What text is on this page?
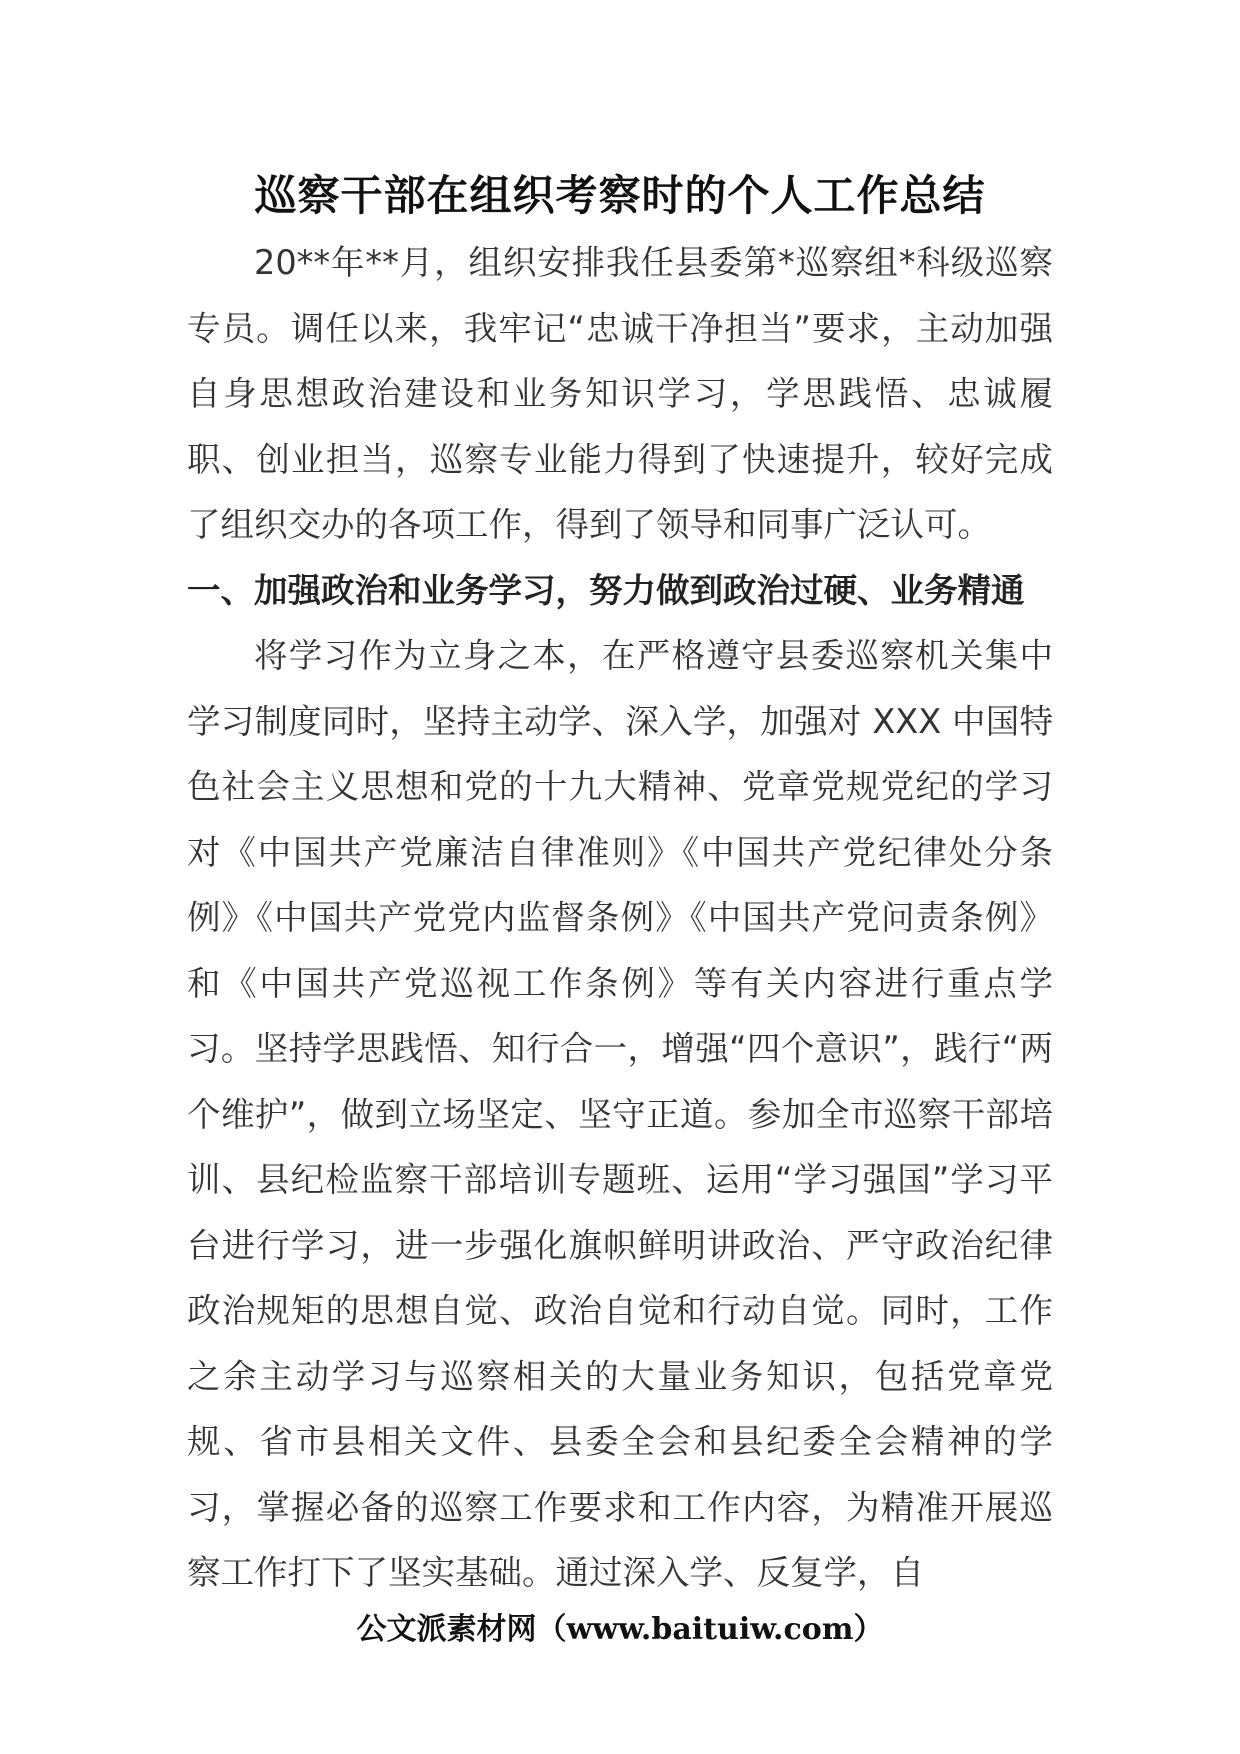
巡察干部在组织考察时的个人工作总结

20**年**月，组织安排我任县委第*巡察组*科级巡察专员。调任以来，我牢记“忠诚干净担当”要求，主动加强自身思想政治建设和业务知识学习，学思践悟、忠诚履职、创业担当，巡察专业能力得到了快速提升，较好完成了组织交办的各项工作，得到了领导和同事广泛认可。

一、加强政治和业务学习，努力做到政治过硬、业务精通

将学习作为立身之本，在严格遵守县委巡察机关集中学习制度同时，坚持主动学、深入学，加强对 XXX 中国特色社会主义思想和党的十九大精神、党章党规党纪的学习对《中国共产党廉洁自律准则》《中国共产党纪律处分条例》《中国共产党党内监督条例》《中国共产党问责条例》和《中国共产党巡视工作条例》等有关内容进行重点学习。坚持学思践悟、知行合一，增强“四个意识”，践行“两个维护”，做到立场坚定、坚守正道。参加全市巡察干部培训、县纪检监察干部培训专题班、运用“学习强国”学习平台进行学习，进一步强化旗帜鲜明讲政治、严守政治纪律政治规矩的思想自觉、政治自觉和行动自觉。同时，工作之余主动学习与巡察相关的大量业务知识，包括党章党规、省市县相关文件、县委全会和县纪委全会精神的学习，掌握必备的巡察工作要求和工作内容，为精准开展巡察工作打下了坚实基础。通过深入学、反复学，自

公文派素材网（www.baituiw.com）
